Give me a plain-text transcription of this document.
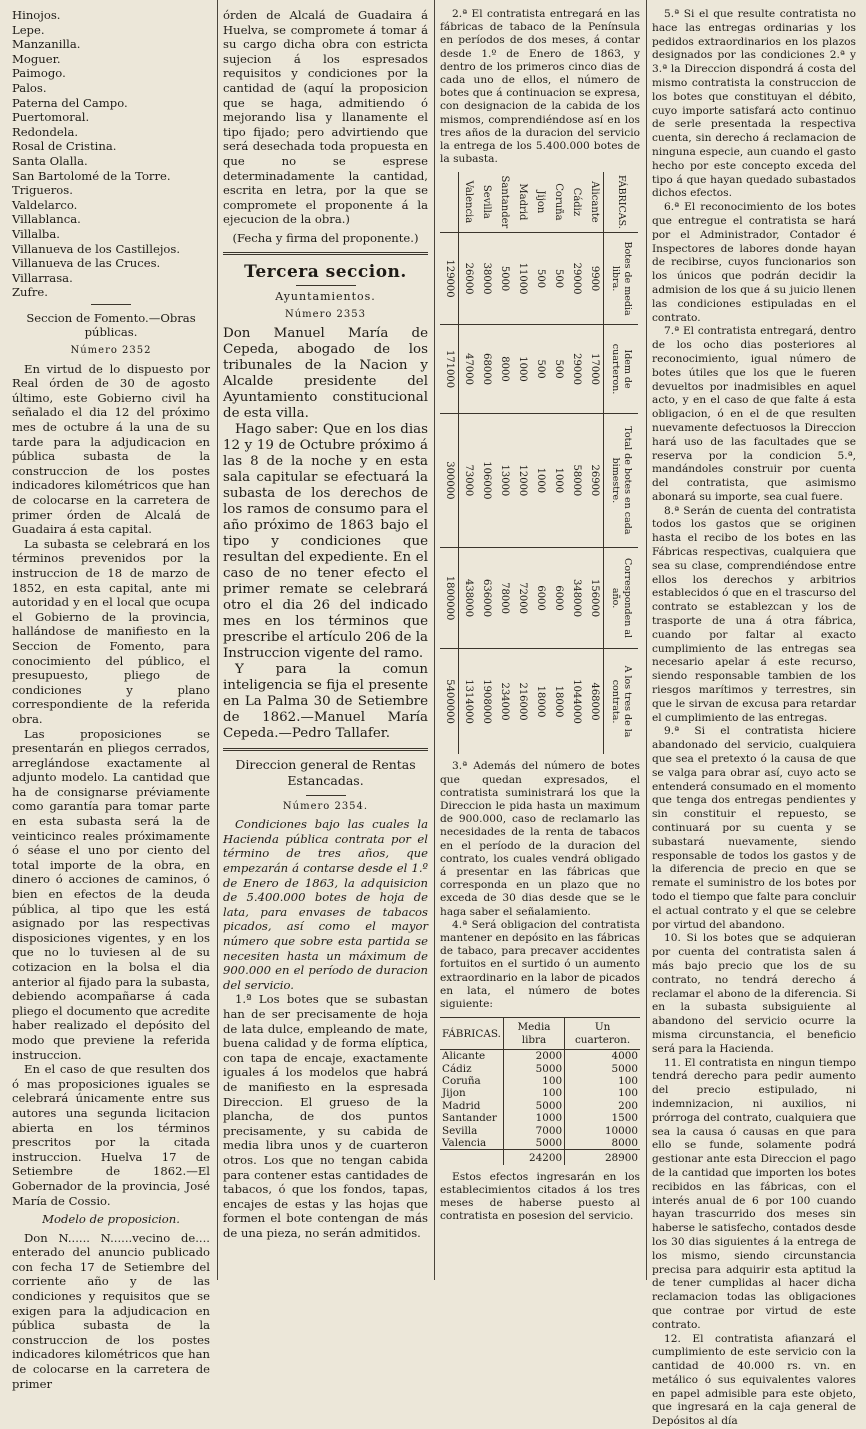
Hinojos.
Lepe.
Manzanilla.
Moguer.
Paimogo.
Palos.
Paterna del Campo.
Puertomoral.
Redondela.
Rosal de Cristina.
Santa Olalla.
San Bartolomé de la Torre.
Trigueros.
Valdelarco.
Villablanca.
Villalba.
Villanueva de los Castillejos.
Villanueva de las Cruces.
Villarrasa.
Zufre.
Seccion de Fomento.—Obras públicas.
Número 2352

En virtud de lo dispuesto por Real órden de 30 de agosto último, este Gobierno civil ha señalado el dia 12 del próximo mes de octubre á la una de su tarde para la adjudicacion en pública subasta de la construccion de los postes indicadores kilométricos que han de colocarse en la carretera de primer órden de Alcalá de Guadaira á esta capital.

La subasta se celebrará en los términos prevenidos por la instruccion de 18 de marzo de 1852, en esta capital, ante mi autoridad y en el local que ocupa el Gobierno de la provincia, hallándose de manifiesto en la Seccion de Fomento, para conocimiento del público, el presupuesto, pliego de condiciones y plano correspondiente de la referida obra.

Las proposiciones se presentarán en pliegos cerrados, arreglándose exactamente al adjunto modelo. La cantidad que ha de consignarse préviamente como garantía para tomar parte en esta subasta será la de veinticinco reales próximamente ó séase el uno por ciento del total importe de la obra, en dinero ó acciones de caminos, ó bien en efectos de la deuda pública, al tipo que les está asignado por las respectivas disposiciones vigentes, y en los que no lo tuviesen al de su cotizacion en la bolsa el dia anterior al fijado para la subasta, debiendo acompañarse á cada pliego el documento que acredite haber realizado el depósito del modo que previene la referida instruccion.

En el caso de que resulten dos ó mas proposiciones iguales se celebrará únicamente entre sus autores una segunda licitacion abierta en los términos prescritos por la citada instruccion. Huelva 17 de Setiembre de 1862.—El Gobernador de la provincia, José María de Cossio.

Modelo de proposicion.

Don N...... N......vecino de.... enterado del anuncio publicado con fecha 17 de Setiembre del corriente año y de las condiciones y requisitos que se exigen para la adjudicacion en pública subasta de la construccion de los postes indicadores kilométricos que han de colocarse en la carretera de primer

órden de Alcalá de Guadaira á Huelva, se compromete á tomar á su cargo dicha obra con estricta sujecion á los espresados requisitos y condiciones por la cantidad de (aquí la proposicion que se haga, admitiendo ó mejorando lisa y llanamente el tipo fijado; pero advirtiendo que será desechada toda propuesta en que no se esprese determinadamente la cantidad, escrita en letra, por la que se compromete el proponente á la ejecucion de la obra.)

(Fecha y firma del proponente.)
Tercera seccion.
Ayuntamientos.
Número 2353

Don Manuel María de Cepeda, abogado de los tribunales de la Nacion y Alcalde presidente del Ayuntamiento constitucional de esta villa.

Hago saber: Que en los dias 12 y 19 de Octubre próximo á las 8 de la noche y en esta sala capitular se efectuará la subasta de los derechos de los ramos de consumo para el año próximo de 1863 bajo el tipo y condiciones que resultan del expediente. En el caso de no tener efecto el primer remate se celebrará otro el dia 26 del indicado mes en los términos que prescribe el artículo 206 de la Instruccion vigente del ramo.

Y para la comun inteligencia se fija el presente en La Palma 30 de Setiembre de 1862.—Manuel María Cepeda.—Pedro Tallafer.

Direccion general de Rentas Estancadas.
Número 2354.

Condiciones bajo las cuales la Hacienda pública contrata por el término de tres años, que empezarán á contarse desde el 1.º de Enero de 1863, la adquisicion de 5.400.000 botes de hoja de lata, para envases de tabacos picados, así como el mayor número que sobre esta partida se necesiten hasta un máximum de 900.000 en el período de duracion del servicio.

1.ª Los botes que se subastan han de ser precisamente de hoja de lata dulce, empleando de mate, buena calidad y de forma elíptica, con tapa de encaje, exactamente iguales á los modelos que habrá de manifiesto en la espresada Direccion. El grueso de la plancha, de dos puntos precisamente, y su cabida de media libra unos y de cuarteron otros. Los que no tengan cabida para contener estas cantidades de tabacos, ó que los fondos, tapas, encajes de estas y las hojas que formen el bote contengan de más de una pieza, no serán admitidos.

2.ª El contratista entregará en las fábricas de tabaco de la Península en períodos de dos meses, á contar desde 1.º de Enero de 1863, y dentro de los primeros cinco dias de cada uno de ellos, el número de botes que á continuacion se expresa, con designacion de la cabida de los mismos, comprendiéndose así en los tres años de la duracion del servicio la entrega de los 5.400.000 botes de la subasta.

FÁBRICAS.	Botes de media libra.	Idem de cuarteron.	Total de botes en cada bimestre.	Corresponden al año.	A los tres de la contrata.
Alicante	9900	17000	26900	156000	468000
Cádiz	29000	29000	58000	348000	1044000
Coruña	500	500	1000	6000	18000
Jijon	500	500	1000	6000	18000
Madrid	11000	1000	12000	72000	216000
Santander	5000	8000	13000	78000	234000
Sevilla	38000	68000	106000	636000	1908000
Valencia	26000	47000	73000	438000	1314000
	129000	171000	300000	1800000	5400000

3.ª Además del número de botes que quedan expresados, el contratista suministrará los que la Direccion le pida hasta un maximum de 900.000, caso de reclamarlo las necesidades de la renta de tabacos en el período de la duracion del contrato, los cuales vendrá obligado á presentar en las fábricas que corresponda en un plazo que no exceda de 30 dias desde que se le haga saber el señalamiento.

4.ª Será obligacion del contratista mantener en depósito en las fábricas de tabaco, para precaver accidentes fortuitos en el surtido ó un aumento extraordinario en la labor de picados en lata, el número de botes siguiente:

FÁBRICAS.	Media libra	Un cuarteron.
Alicante	2000	4000
Cádiz	5000	5000
Coruña	100	100
Jijon	100	100
Madrid	5000	200
Santander	1000	1500
Sevilla	7000	10000
Valencia	5000	8000
	24200	28900

Estos efectos ingresarán en los establecimientos citados á los tres meses de haberse puesto al contratista en posesion del servicio.

5.ª Si el que resulte contratista no hace las entregas ordinarias y los pedidos extraordinarios en los plazos designados por las condiciones 2.ª y 3.ª la Direccion dispondrá á costa del mismo contratista la construccion de los botes que constituyan el débito, cuyo importe satisfará acto continuo de serle presentada la respectiva cuenta, sin derecho á reclamacion de ninguna especie, aun cuando el gasto hecho por este concepto exceda del tipo á que hayan quedado subastados dichos efectos.

6.ª El reconocimiento de los botes que entregue el contratista se hará por el Administrador, Contador é Inspectores de labores donde hayan de recibirse, cuyos funcionarios son los únicos que podrán decidir la admision de los que á su juicio llenen las condiciones estipuladas en el contrato.

7.ª El contratista entregará, dentro de los ocho dias posteriores al reconocimiento, igual número de botes útiles que los que le fueren devueltos por inadmisibles en aquel acto, y en el caso de que falte á esta obligacion, ó en el de que resulten nuevamente defectuosos la Direccion hará uso de las facultades que se reserva por la condicion 5.ª, mandándoles construir por cuenta del contratista, que asimismo abonará su importe, sea cual fuere.

8.ª Serán de cuenta del contratista todos los gastos que se originen hasta el recibo de los botes en las Fábricas respectivas, cualquiera que sea su clase, comprendiéndose entre ellos los derechos y arbitrios establecidos ó que en el trascurso del contrato se establezcan y los de trasporte de una á otra fábrica, cuando por faltar al exacto cumplimiento de las entregas sea necesario apelar á este recurso, siendo responsable tambien de los riesgos marítimos y terrestres, sin que le sirvan de excusa para retardar el cumplimiento de las entregas.

9.ª Si el contratista hiciere abandonado del servicio, cualquiera que sea el pretexto ó la causa de que se valga para obrar así, cuyo acto se entenderá consumado en el momento que tenga dos entregas pendientes y sin constituir el repuesto, se continuará por su cuenta y se subastará nuevamente, siendo responsable de todos los gastos y de la diferencia de precio en que se remate el suministro de los botes por todo el tiempo que falte para concluir el actual contrato y el que se celebre por virtud del abandono.

10. Si los botes que se adquieran por cuenta del contratista salen á más bajo precio que los de su contrato, no tendrá derecho á reclamar el abono de la diferencia. Si en la subasta subsiguiente al abandono del servicio ocurre la misma circunstancia, el beneficio será para la Hacienda.

11. El contratista en ningun tiempo tendrá derecho para pedir aumento del precio estipulado, ni indemnizacion, ni auxilios, ni prórroga del contrato, cualquiera que sea la causa ó causas en que para ello se funde, solamente podrá gestionar ante esta Direccion el pago de la cantidad que importen los botes recibidos en las fábricas, con el interés anual de 6 por 100 cuando hayan trascurrido dos meses sin haberse le satisfecho, contados desde los 30 dias siguientes á la entrega de los mismo, siendo circunstancia precisa para adquirir esta aptitud la de tener cumplidas al hacer dicha reclamacion todas las obligaciones que contrae por virtud de este contrato.

12. El contratista afianzará el cumplimiento de este servicio con la cantidad de 40.000 rs. vn. en metálico ó sus equivalentes valores en papel admisible para este objeto, que ingresará en la caja general de Depósitos al día
